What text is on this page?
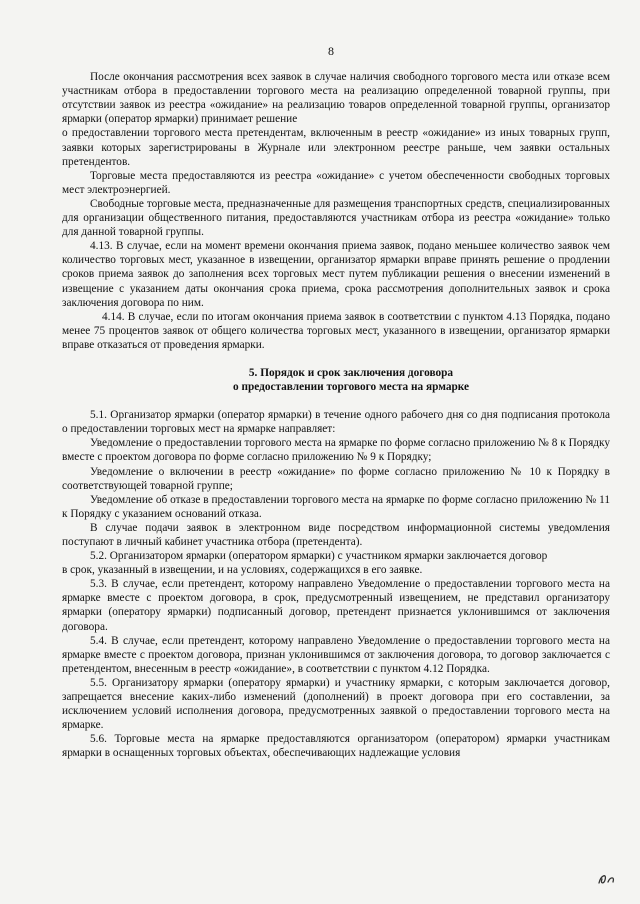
8

После окончания рассмотрения всех заявок в случае наличия свободного торгового места или отказе всем участникам отбора в предоставлении торгового места на реализацию определенной товарной группы, при отсутствии заявок из реестра «ожидание» на реализацию товаров определенной товарной группы, организатор ярмарки (оператор ярмарки) принимает решение

о предоставлении торгового места претендентам, включенным в реестр «ожидание» из иных товарных групп, заявки которых зарегистрированы в Журнале или электронном реестре раньше, чем заявки остальных претендентов.

Торговые места предоставляются из реестра «ожидание» с учетом обеспеченности свободных торговых мест электроэнергией.

Свободные торговые места, предназначенные для размещения транспортных средств, специализированных для организации общественного питания, предоставляются участникам отбора из реестра «ожидание» только для данной товарной группы.

4.13. В случае, если на момент времени окончания приема заявок, подано меньшее количество заявок чем количество торговых мест, указанное в извещении, организатор ярмарки вправе принять решение о продлении сроков приема заявок до заполнения всех торговых мест путем публикации решения о внесении изменений в извещение с указанием даты окончания срока приема, срока рассмотрения дополнительных заявок и срока заключения договора по ним.

4.14. В случае, если по итогам окончания приема заявок в соответствии с пунктом 4.13 Порядка, подано менее 75 процентов заявок от общего количества торговых мест, указанного в извещении, организатор ярмарки вправе отказаться от проведения ярмарки.

5. Порядок и срок заключения договора
о предоставлении торгового места на ярмарке

5.1. Организатор ярмарки (оператор ярмарки) в течение одного рабочего дня со дня подписания протокола о предоставлении торговых мест на ярмарке направляет:

Уведомление о предоставлении торгового места на ярмарке по форме согласно приложению № 8 к Порядку вместе с проектом договора по форме согласно приложению № 9 к Порядку;

Уведомление о включении в реестр «ожидание» по форме согласно приложению № 10 к Порядку в соответствующей товарной группе;

Уведомление об отказе в предоставлении торгового места на ярмарке по форме согласно приложению № 11 к Порядку с указанием оснований отказа.

В случае подачи заявок в электронном виде посредством информационной системы уведомления поступают в личный кабинет участника отбора (претендента).

5.2. Организатором ярмарки (оператором ярмарки) с участником ярмарки заключается договор

в срок, указанный в извещении, и на условиях, содержащихся в его заявке.

5.3. В случае, если претендент, которому направлено Уведомление о предоставлении торгового места на ярмарке вместе с проектом договора, в срок, предусмотренный извещением, не представил организатору ярмарки (оператору ярмарки) подписанный договор, претендент признается уклонившимся от заключения договора.

5.4. В случае, если претендент, которому направлено Уведомление о предоставлении торгового места на ярмарке вместе с проектом договора, признан уклонившимся от заключения договора, то договор заключается с претендентом, внесенным в реестр «ожидание», в соответствии с пунктом 4.12 Порядка.

5.5. Организатору ярмарки (оператору ярмарки) и участнику ярмарки, с которым заключается договор, запрещается внесение каких-либо изменений (дополнений) в проект договора при его составлении, за исключением условий исполнения договора, предусмотренных заявкой о предоставлении торгового места на ярмарке.

5.6. Торговые места на ярмарке предоставляются организатором (оператором) ярмарки участникам ярмарки в оснащенных торговых объектах, обеспечивающих надлежащие условия
